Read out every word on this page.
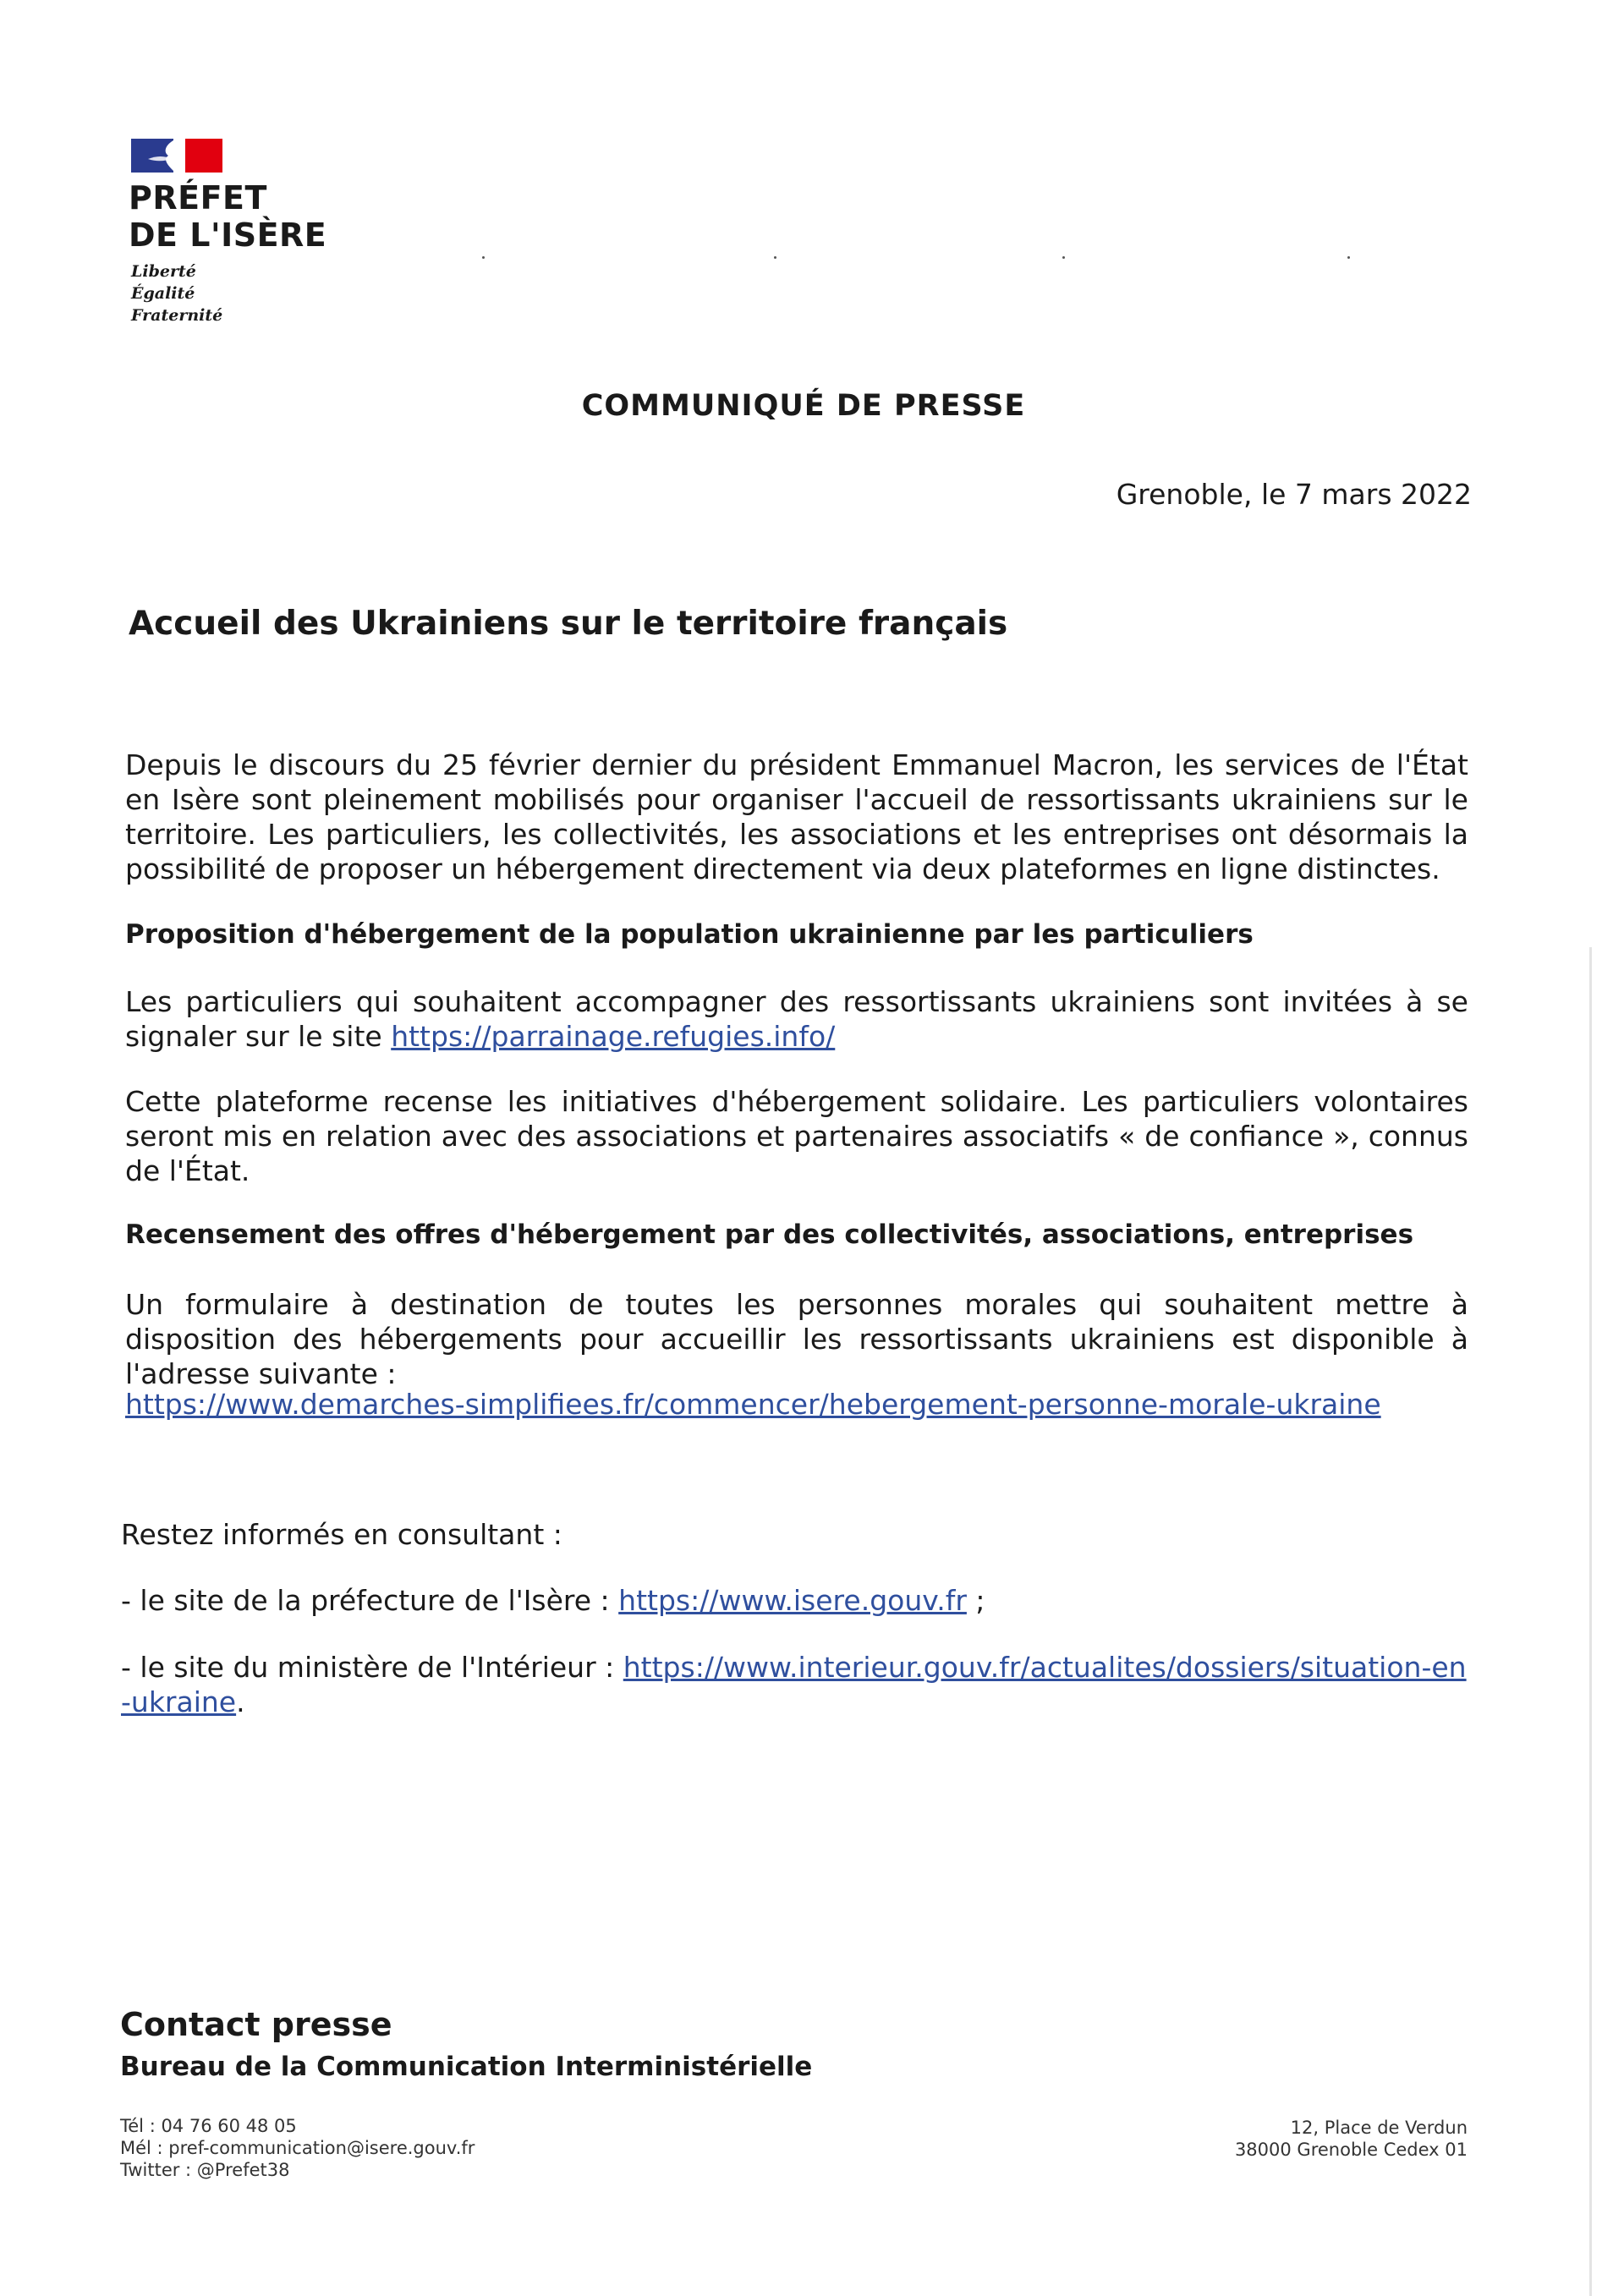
PRÉFET
DE L'ISÈRE
Liberté
Égalité
Fraternité
COMMUNIQUÉ DE PRESSE
Grenoble, le 7 mars 2022
Accueil des Ukrainiens sur le territoire français
Depuis le discours du 25 février dernier du président Emmanuel Macron, les services de l'État en Isère sont pleinement mobilisés pour organiser l'accueil de ressortissants ukrainiens sur le territoire. Les particuliers, les collectivités, les associations et les entreprises ont désormais la possibilité de proposer un hébergement directement via deux plateformes en ligne distinctes.
Proposition d'hébergement de la population ukrainienne par les particuliers
Les particuliers qui souhaitent accompagner des ressortissants ukrainiens sont invitées à se signaler sur le site https://parrainage.refugies.info/
Cette plateforme recense les initiatives d'hébergement solidaire. Les particuliers volontaires seront mis en relation avec des associations et partenaires associatifs « de confiance », connus de l'État.
Recensement des offres d'hébergement par des collectivités, associations, entreprises
Un formulaire à destination de toutes les personnes morales qui souhaitent mettre à disposition des hébergements pour accueillir les ressortissants ukrainiens est disponible à l'adresse suivante :
https://www.demarches-simplifiees.fr/commencer/hebergement-personne-morale-ukraine
Restez informés en consultant :
- le site de la préfecture de l'Isère : https://www.isere.gouv.fr ;
- le site du ministère de l'Intérieur : https://www.interieur.gouv.fr/actualites/dossiers/situation-en-ukraine.
Contact presse
Bureau de la Communication Interministérielle
Tél : 04 76 60 48 05
Mél : pref-communication@isere.gouv.fr
Twitter : @Prefet38
12, Place de Verdun
38000 Grenoble Cedex 01
